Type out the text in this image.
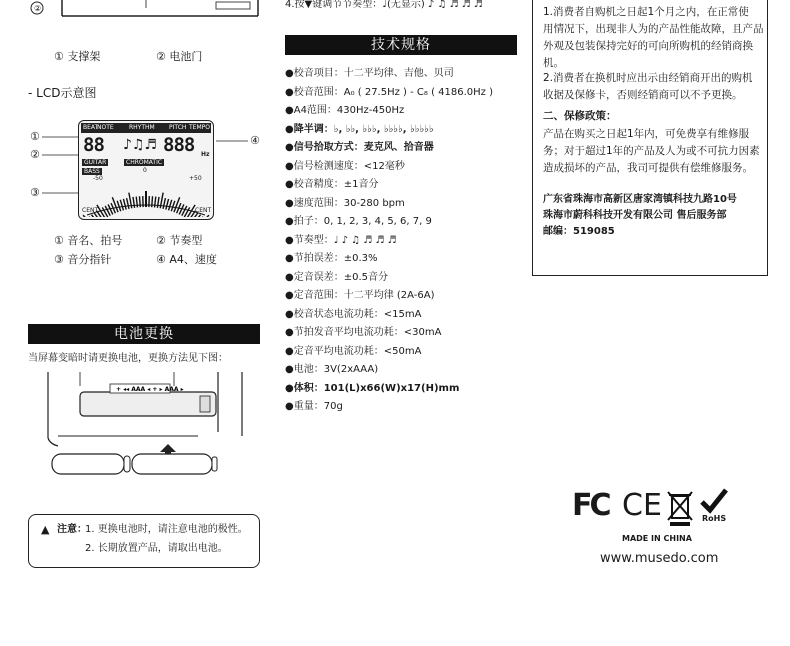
②
① 支撑架	② 电池门
- LCD示意图
①
②
③
④
BEAT
NOTE	RHYTHM PITCH TEMPO
88 ♪♫♬ 888 Hz
GUITAR	CHROMATIC
BASS
-50
0
+50
CENT	CENT
① 音名、拍号	② 节奏型
③ 音分指针	④ A4、速度
电池更换
当屏幕变暗时请更换电池，更换方法见下图：
+ ◂◂ AAA ◂ + ▸ AAA ▸
▲ 注意：
1. 更换电池时，请注意电池的极性。
2. 长期放置产品，请取出电池。
4.按▼键调节节奏型：♩(无显示) ♪ ♫ ♬ ♬ ♬
技术规格
●校音项目：十二平均律、吉他、贝司
●校音范围：A₀ ( 27.5Hz ) - C₈ ( 4186.0Hz )
●A4范围：430Hz-450Hz
●降半调：♭, ♭♭, ♭♭♭, ♭♭♭♭, ♭♭♭♭♭
●信号拾取方式：麦克风、拾音器
●信号检测速度：<12毫秒
●校音精度：±1音分
●速度范围：30-280 bpm
●拍子：0, 1, 2, 3, 4, 5, 6, 7, 9
●节奏型：♩ ♪ ♫ ♬ ♬ ♬
●节拍误差：±0.3%
●定音误差：±0.5音分
●定音范围：十二平均律 (2A-6A)
●校音状态电流功耗：<15mA
●节拍发音平均电流功耗：<30mA
●定音平均电流功耗：<50mA
●电池：3V(2xAAA)
●体积：101(L)x66(W)x17(H)mm
●重量：70g
1.消费者自购机之日起1个月之内，在正常使
用情况下，出现非人为的产品性能故障，且产品
外观及包装保持完好的可向所购机的经销商换
机。
2.消费者在换机时应出示由经销商开出的购机
收据及保修卡，否则经销商可以不予更换。
二、保修政策：
产品在购买之日起1年内，可免费享有维修服
务；对于超过1年的产品及人为或不可抗力因素
造成损坏的产品，我司可提供有偿维修服务。
广东省珠海市高新区唐家湾镇科技九路10号
珠海市蔚科科技开发有限公司 售后服务部
邮编：519085
FC CE	RoHS
MADE IN CHINA
www.musedo.com
